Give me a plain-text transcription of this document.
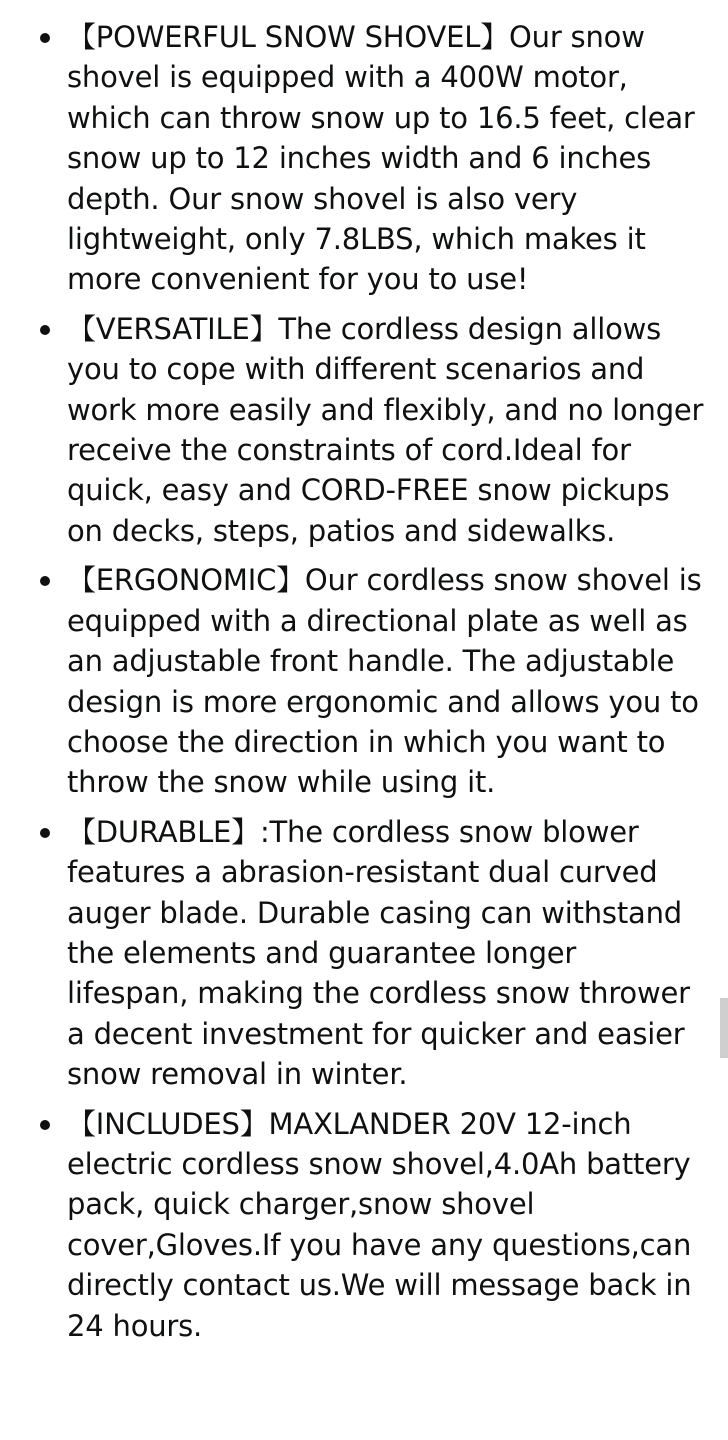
【POWERFUL SNOW SHOVEL】Our snow shovel is equipped with a 400W motor, which can throw snow up to 16.5 feet, clear snow up to 12 inches width and 6 inches depth. Our snow shovel is also very lightweight, only 7.8LBS, which makes it more convenient for you to use!
【VERSATILE】The cordless design allows you to cope with different scenarios and work more easily and flexibly, and no longer receive the constraints of cord.Ideal for quick, easy and CORD-FREE snow pickups on decks, steps, patios and sidewalks.
【ERGONOMIC】Our cordless snow shovel is equipped with a directional plate as well as an adjustable front handle. The adjustable design is more ergonomic and allows you to choose the direction in which you want to throw the snow while using it.
【DURABLE】:The cordless snow blower features a abrasion-resistant dual curved auger blade. Durable casing can withstand the elements and guarantee longer lifespan, making the cordless snow thrower a decent investment for quicker and easier snow removal in winter.
【INCLUDES】MAXLANDER 20V 12-inch electric cordless snow shovel,4.0Ah battery pack, quick charger,snow shovel cover,Gloves.If you have any questions,can directly contact us.We will message back in 24 hours.
